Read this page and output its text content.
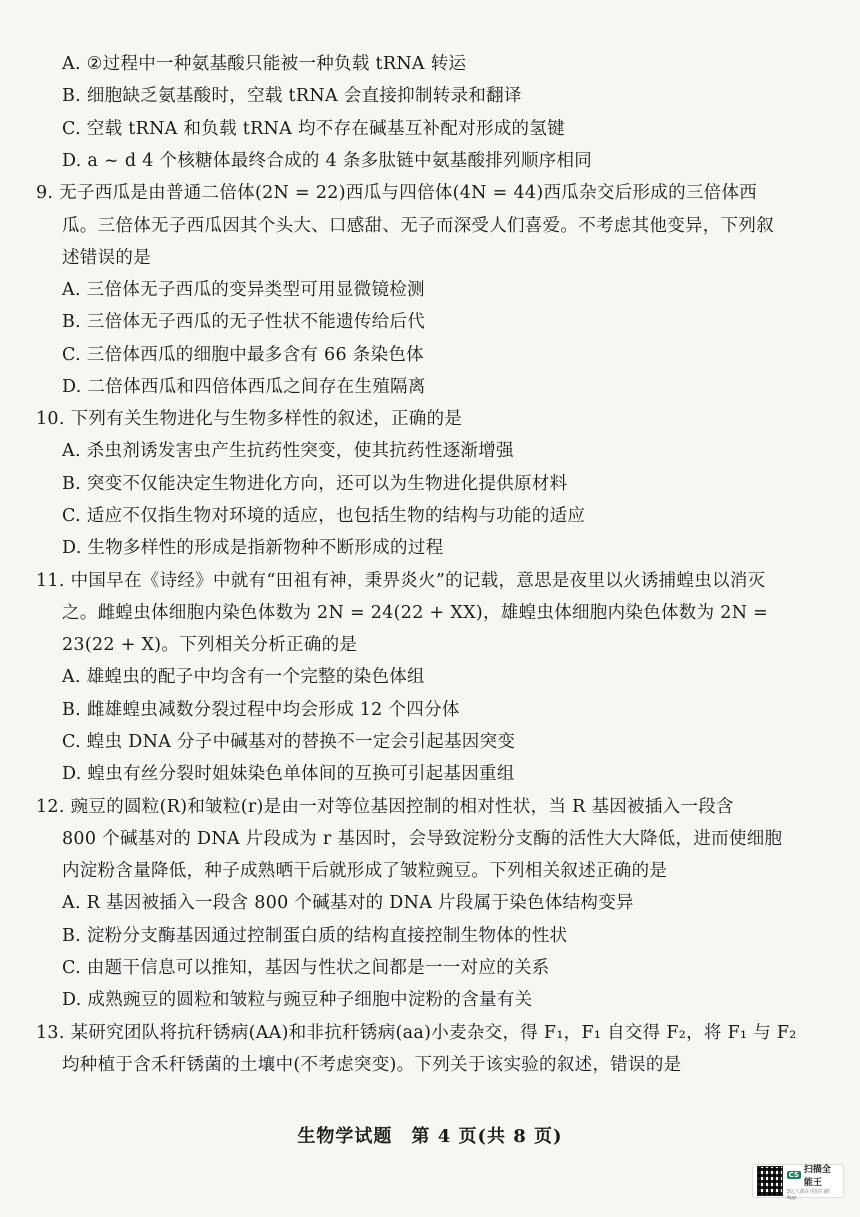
A. ②过程中一种氨基酸只能被一种负载 tRNA 转运
B. 细胞缺乏氨基酸时，空载 tRNA 会直接抑制转录和翻译
C. 空载 tRNA 和负载 tRNA 均不存在碱基互补配对形成的氢键
D. a ~ d 4 个核糖体最终合成的 4 条多肽链中氨基酸排列顺序相同
9. 无子西瓜是由普通二倍体(2N = 22)西瓜与四倍体(4N = 44)西瓜杂交后形成的三倍体西
瓜。三倍体无子西瓜因其个头大、口感甜、无子而深受人们喜爱。不考虑其他变异，下列叙
述错误的是
A. 三倍体无子西瓜的变异类型可用显微镜检测
B. 三倍体无子西瓜的无子性状不能遗传给后代
C. 三倍体西瓜的细胞中最多含有 66 条染色体
D. 二倍体西瓜和四倍体西瓜之间存在生殖隔离
10. 下列有关生物进化与生物多样性的叙述，正确的是
A. 杀虫剂诱发害虫产生抗药性突变，使其抗药性逐渐增强
B. 突变不仅能决定生物进化方向，还可以为生物进化提供原材料
C. 适应不仅指生物对环境的适应，也包括生物的结构与功能的适应
D. 生物多样性的形成是指新物种不断形成的过程
11. 中国早在《诗经》中就有“田祖有神，秉畀炎火”的记载，意思是夜里以火诱捕蝗虫以消灭
之。雌蝗虫体细胞内染色体数为 2N = 24(22 + XX)，雄蝗虫体细胞内染色体数为 2N =
23(22 + X)。下列相关分析正确的是
A. 雄蝗虫的配子中均含有一个完整的染色体组
B. 雌雄蝗虫减数分裂过程中均会形成 12 个四分体
C. 蝗虫 DNA 分子中碱基对的替换不一定会引起基因突变
D. 蝗虫有丝分裂时姐妹染色单体间的互换可引起基因重组
12. 豌豆的圆粒(R)和皱粒(r)是由一对等位基因控制的相对性状，当 R 基因被插入一段含
800 个碱基对的 DNA 片段成为 r 基因时，会导致淀粉分支酶的活性大大降低，进而使细胞
内淀粉含量降低，种子成熟晒干后就形成了皱粒豌豆。下列相关叙述正确的是
A. R 基因被插入一段含 800 个碱基对的 DNA 片段属于染色体结构变异
B. 淀粉分支酶基因通过控制蛋白质的结构直接控制生物体的性状
C. 由题干信息可以推知，基因与性状之间都是一一对应的关系
D. 成熟豌豆的圆粒和皱粒与豌豆种子细胞中淀粉的含量有关
13. 某研究团队将抗秆锈病(AA)和非抗秆锈病(aa)小麦杂交，得 F₁，F₁ 自交得 F₂，将 F₁ 与 F₂
均种植于含禾秆锈菌的土壤中(不考虑突变)。下列关于该实验的叙述，错误的是
生物学试题　第 4 页(共 8 页)
CS 扫描全能王
3亿人都在用的扫描App
